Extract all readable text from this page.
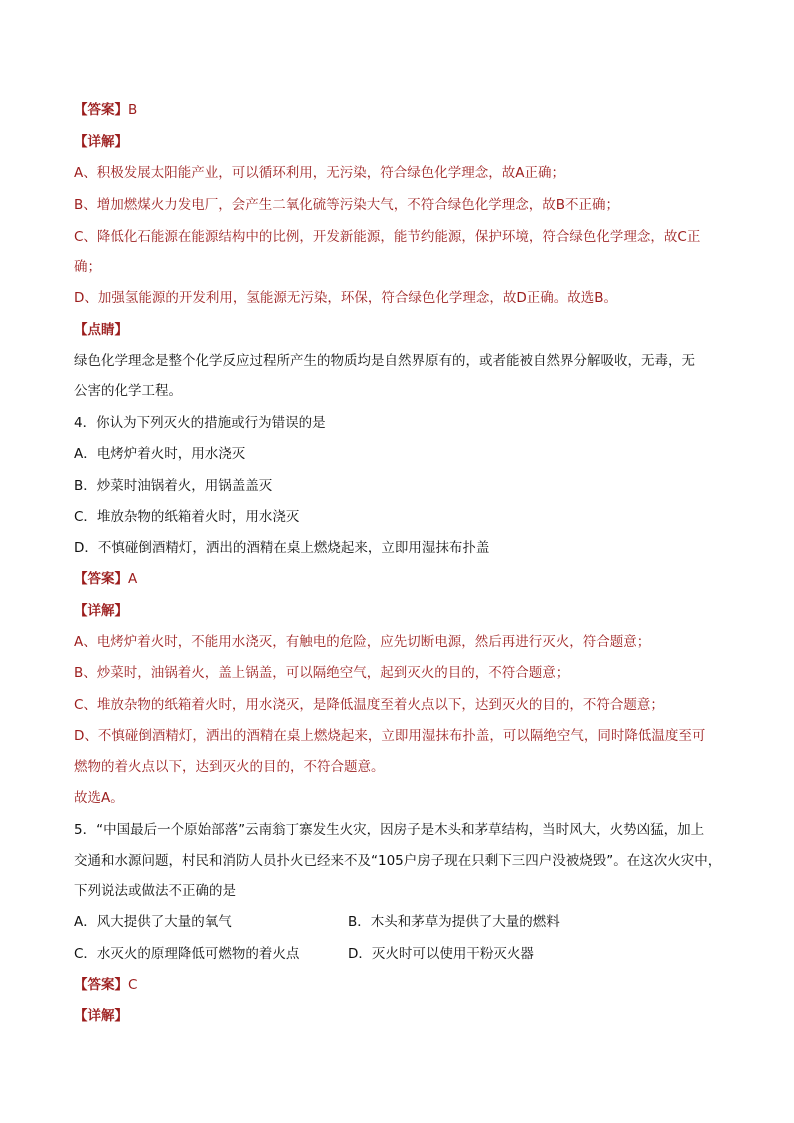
【答案】B
【详解】
A、积极发展太阳能产业，可以循环利用，无污染，符合绿色化学理念，故A正确；
B、增加燃煤火力发电厂，会产生二氧化硫等污染大气，不符合绿色化学理念，故B不正确；
C、降低化石能源在能源结构中的比例，开发新能源，能节约能源，保护环境，符合绿色化学理念，故C正
确；
D、加强氢能源的开发利用，氢能源无污染，环保，符合绿色化学理念，故D正确。故选B。
【点睛】
绿色化学理念是整个化学反应过程所产生的物质均是自然界原有的，或者能被自然界分解吸收，无毒，无
公害的化学工程。
4．你认为下列灭火的措施或行为错误的是
A．电烤炉着火时，用水浇灭
B．炒菜时油锅着火，用锅盖盖灭
C．堆放杂物的纸箱着火时，用水浇灭
D．不慎碰倒酒精灯，洒出的酒精在桌上燃烧起来，立即用湿抹布扑盖
【答案】A
【详解】
A、电烤炉着火时，不能用水浇灭，有触电的危险，应先切断电源，然后再进行灭火，符合题意；
B、炒菜时，油锅着火，盖上锅盖，可以隔绝空气，起到灭火的目的，不符合题意；
C、堆放杂物的纸箱着火时，用水浇灭，是降低温度至着火点以下，达到灭火的目的，不符合题意；
D、不慎碰倒酒精灯，洒出的酒精在桌上燃烧起来，立即用湿抹布扑盖，可以隔绝空气，同时降低温度至可
燃物的着火点以下，达到灭火的目的，不符合题意。
故选A。
5．“中国最后一个原始部落”云南翁丁寨发生火灾，因房子是木头和茅草结构，当时风大，火势凶猛，加上
交通和水源问题，村民和消防人员扑火已经来不及“105户房子现在只剩下三四户没被烧毁”。在这次火灾中，
下列说法或做法不正确的是
A．风大提供了大量的氧气	B．木头和茅草为提供了大量的燃料
C．水灭火的原理降低可燃物的着火点	D．灭火时可以使用干粉灭火器
【答案】C
【详解】
